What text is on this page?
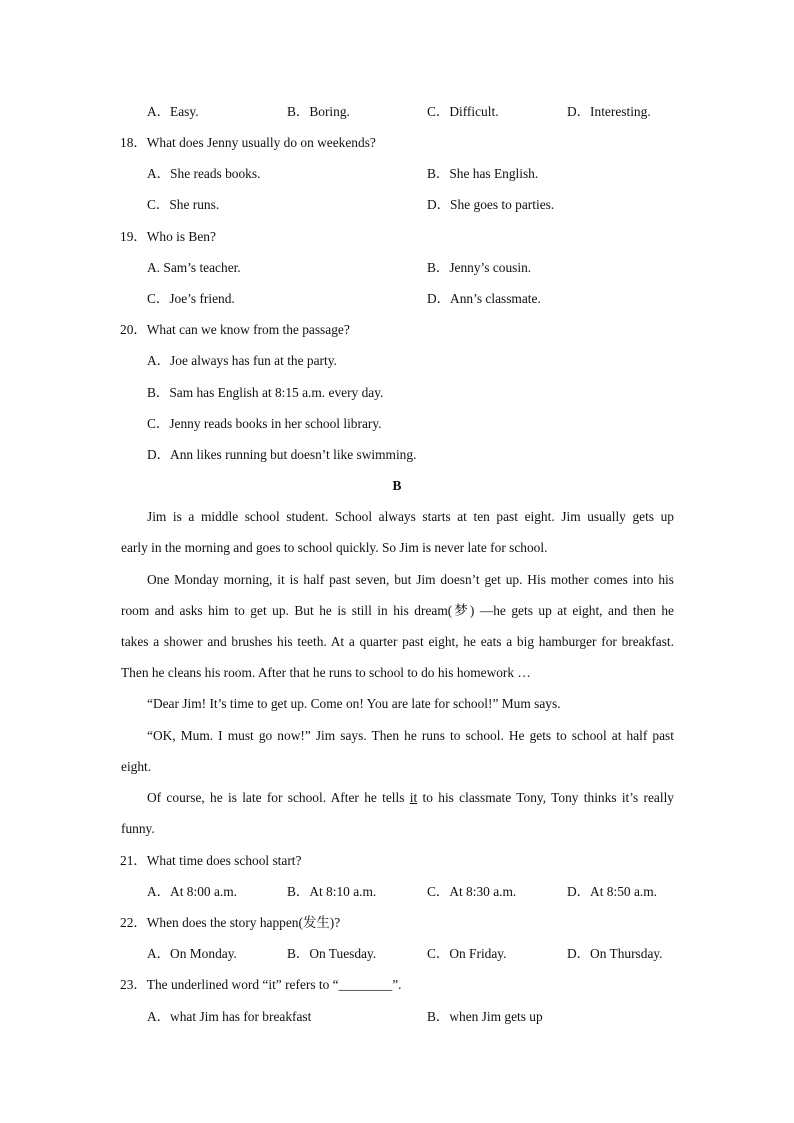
A．Easy.	B．Boring.	C．Difficult.	D．Interesting.
18．What does Jenny usually do on weekends?
A．She reads books.	B．She has English.
C．She runs.	D．She goes to parties.
19．Who is Ben?
A. Sam’s teacher.	B．Jenny’s cousin.
C．Joe’s friend.	D．Ann’s classmate.
20．What can we know from the passage?
A．Joe always has fun at the party.
B．Sam has English at 8:15 a.m. every day.
C．Jenny reads books in her school library.
D．Ann likes running but doesn’t like swimming.
B
Jim is a middle school student. School always starts at ten past eight. Jim usually gets up
early in the morning and goes to school quickly. So Jim is never late for school.
One Monday morning, it is half past seven, but Jim doesn’t get up. His mother comes into his
room and asks him to get up. But he is still in his dream(梦) —he gets up at eight, and then he
takes a shower and brushes his teeth. At a quarter past eight, he eats a big hamburger for breakfast.
Then he cleans his room. After that he runs to school to do his homework …
“Dear Jim! It’s time to get up. Come on! You are late for school!” Mum says.
“OK, Mum. I must go now!” Jim says. Then he runs to school. He gets to school at half past
eight.
Of course, he is late for school. After he tells it to his classmate Tony, Tony thinks it’s really
funny.
21．What time does school start?
A．At 8:00 a.m.	B．At 8:10 a.m.	C．At 8:30 a.m.	D．At 8:50 a.m.
22．When does the story happen(发生)?
A．On Monday.	B．On Tuesday.	C．On Friday.	D．On Thursday.
23．The underlined word “it” refers to “________”.
A．what Jim has for breakfast	B．when Jim gets up
